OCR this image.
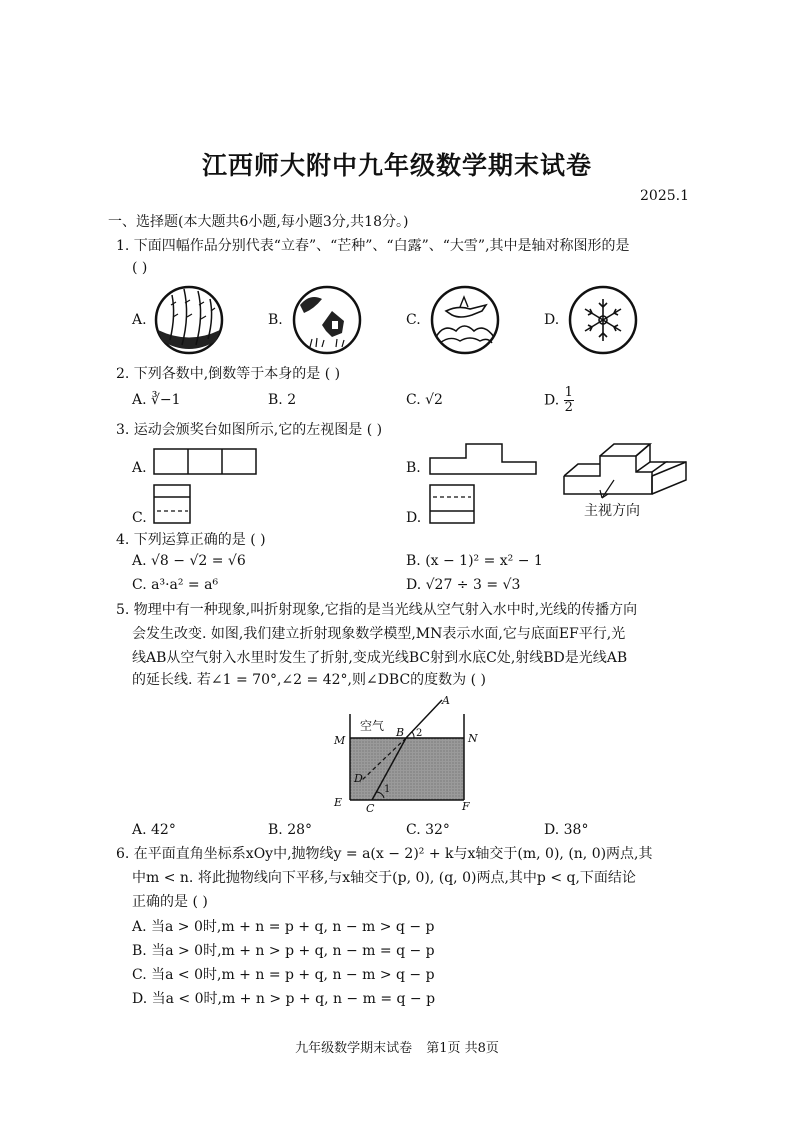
江西师大附中九年级数学期末试卷
2025.1
一、选择题(本大题共6小题,每小题3分,共18分。)
1. 下面四幅作品分别代表“立春”、“芒种”、“白露”、“大雪”,其中是轴对称图形的是
( )
A.	B.	C.	D.
2. 下列各数中,倒数等于本身的是 ( )
A. ∛−1	B. 2	C. √2	D. $\frac{1}{2}$
3. 运动会颁奖台如图所示,它的左视图是 ( )
A.	B.
主视方向
C.	D.
4. 下列运算正确的是 ( )
A. √8 − √2 = √6	B. (x − 1)² = x² − 1
C. a³·a² = a⁶	D. √27 ÷ 3 = √3
5. 物理中有一种现象,叫折射现象,它指的是当光线从空气射入水中时,光线的传播方向
会发生改变. 如图,我们建立折射现象数学模型,MN表示水面,它与底面EF平行,光
线AB从空气射入水里时发生了折射,变成光线BC射到水底C处,射线BD是光线AB
的延长线. 若∠1 = 70°,∠2 = 42°,则∠DBC的度数为 ( )
空气
A
B
M	N
D
E C	F
1
2
A. 42°	B. 28°	C. 32°	D. 38°
6. 在平面直角坐标系xOy中,抛物线y = a(x − 2)² + k与x轴交于(m, 0), (n, 0)两点,其
中m < n. 将此抛物线向下平移,与x轴交于(p, 0), (q, 0)两点,其中p < q,下面结论
正确的是 ( )
A. 当a > 0时,m + n = p + q, n − m > q − p
B. 当a > 0时,m + n > p + q, n − m = q − p
C. 当a < 0时,m + n = p + q, n − m > q − p
D. 当a < 0时,m + n > p + q, n − m = q − p
九年级数学期末试卷 第1页 共8页
